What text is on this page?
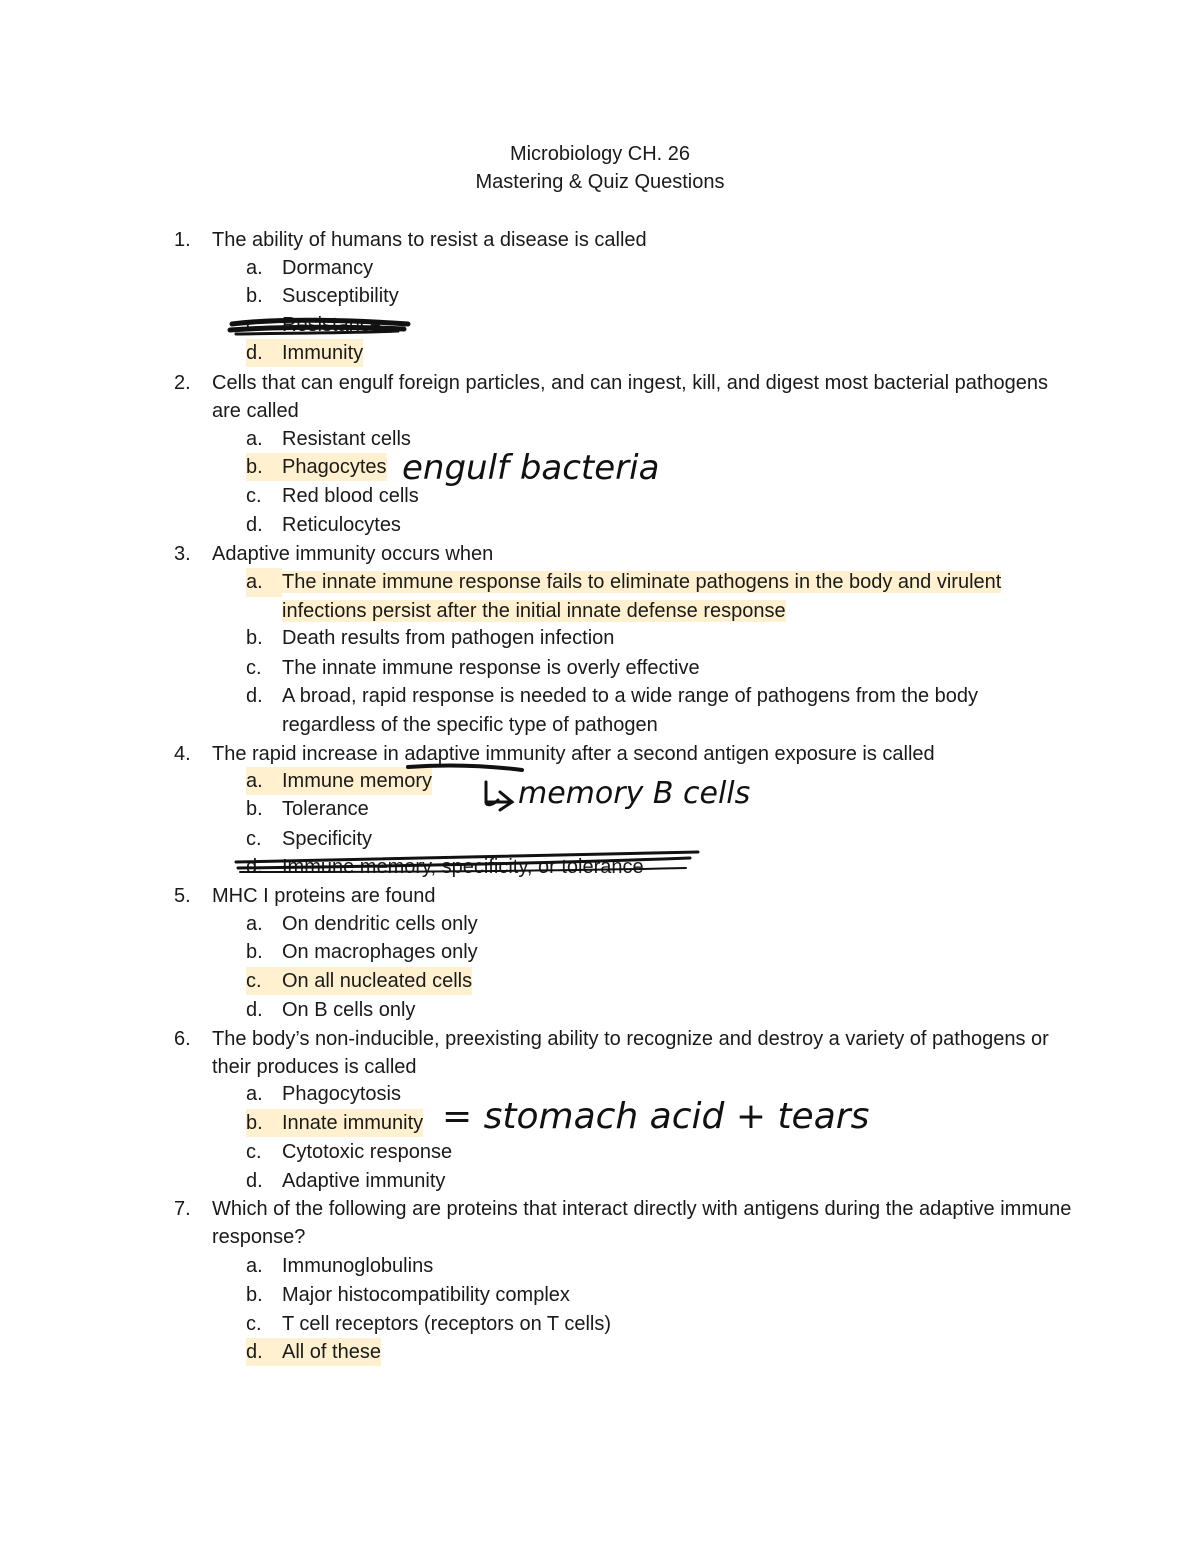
Microbiology CH. 26
Mastering & Quiz Questions
1. The ability of humans to resist a disease is called
a. Dormancy
b. Susceptibility
c. Resistance
d. Immunity
2. Cells that can engulf foreign particles, and can ingest, kill, and digest most bacterial pathogens are called
a. Resistant cells
b. Phagocytes
c. Red blood cells
d. Reticulocytes
3. Adaptive immunity occurs when
a. The innate immune response fails to eliminate pathogens in the body and virulent
infections persist after the initial innate defense response
b. Death results from pathogen infection
c. The innate immune response is overly effective
d. A broad, rapid response is needed to a wide range of pathogens from the body
regardless of the specific type of pathogen
4. The rapid increase in adaptive immunity after a second antigen exposure is called
a. Immune memory
b. Tolerance
c. Specificity
d. Immune memory, specificity, or tolerance
5. MHC I proteins are found
a. On dendritic cells only
b. On macrophages only
c. On all nucleated cells
d. On B cells only
6. The body’s non-inducible, preexisting ability to recognize and destroy a variety of pathogens or their produces is called
a. Phagocytosis
b. Innate immunity
c. Cytotoxic response
d. Adaptive immunity
7. Which of the following are proteins that interact directly with antigens during the adaptive immune response?
a. Immunoglobulins
b. Major histocompatibility complex
c. T cell receptors (receptors on T cells)
d. All of these
engulf bacteria
memory B cells
= stomach acid + tears
